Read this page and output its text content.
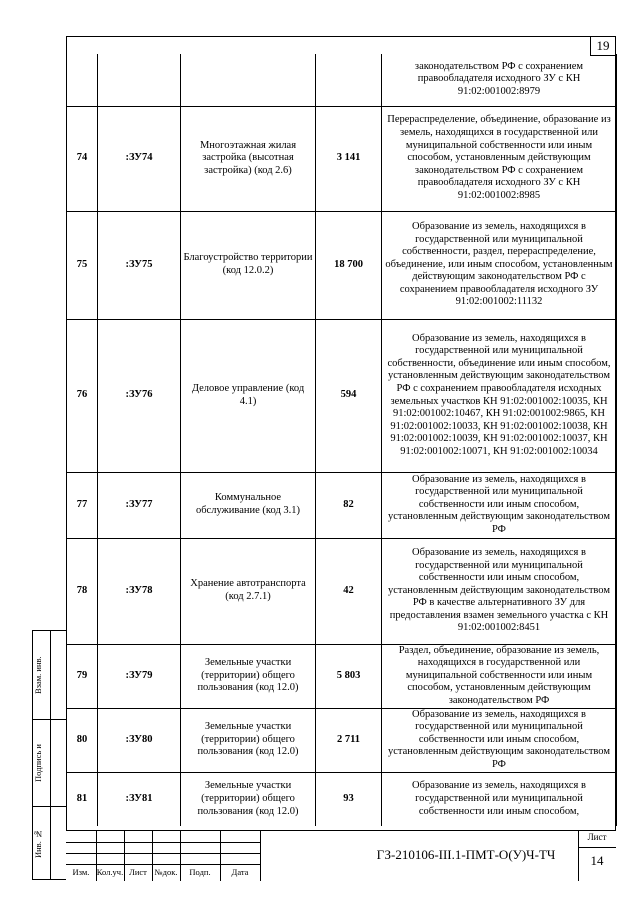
19
				законодательством РФ с сохранением правообладателя исходного ЗУ с КН 91:02:001002:8979
74	:ЗУ74	Многоэтажная жилая застройка (высотная застройка) (код 2.6)	3 141	Перераспределение, объединение, образование из земель, находящихся в государственной или муниципальной собственности или иным способом, установленным действующим законодательством РФ с сохранением правообладателя исходного ЗУ с КН 91:02:001002:8985
75	:ЗУ75	Благоустройство территории (код 12.0.2)	18 700	Образование из земель, находящихся в государственной или муниципальной собственности, раздел, перераспределение, объединение, или иным способом, установленным действующим законодательством РФ с сохранением правообладателя исходного ЗУ 91:02:001002:11132
76	:ЗУ76	Деловое управление (код 4.1)	594	Образование из земель, находящихся в государственной или муниципальной собственности, объединение или иным способом, установленным действующим законодательством РФ с сохранением правообладателя исходных земельных участков КН 91:02:001002:10035, КН 91:02:001002:10467, КН 91:02:001002:9865, КН 91:02:001002:10033, КН 91:02:001002:10038, КН 91:02:001002:10039, КН 91:02:001002:10037, КН 91:02:001002:10071, КН 91:02:001002:10034
77	:ЗУ77	Коммунальное обслуживание (код 3.1)	82	Образование из земель, находящихся в государственной или муниципальной собственности или иным способом, установленным действующим законодательством РФ
78	:ЗУ78	Хранение автотранспорта (код 2.7.1)	42	Образование из земель, находящихся в государственной или муниципальной собственности или иным способом, установленным действующим законодательством РФ в качестве альтернативного ЗУ для предоставления взамен земельного участка с КН 91:02:001002:8451
79	:ЗУ79	Земельные участки (территории) общего пользования (код 12.0)	5 803	Раздел, объединение, образование из земель, находящихся в государственной или муниципальной собственности или иным способом, установленным действующим законодательством РФ
80	:ЗУ80	Земельные участки (территории) общего пользования (код 12.0)	2 711	Образование из земель, находящихся в государственной или муниципальной собственности или иным способом, установленным действующим законодательством РФ
81	:ЗУ81	Земельные участки (территории) общего пользования (код 12.0)	93	Образование из земель, находящихся в государственной или муниципальной собственности или иным способом,
Взам. инв.
Подпись и
Инв. №
Изм. Кол.уч. Лист №док.	Подп.	Дата
ГЗ-210106-III.1-ПМТ-О(У)Ч-ТЧ
Лист
14
